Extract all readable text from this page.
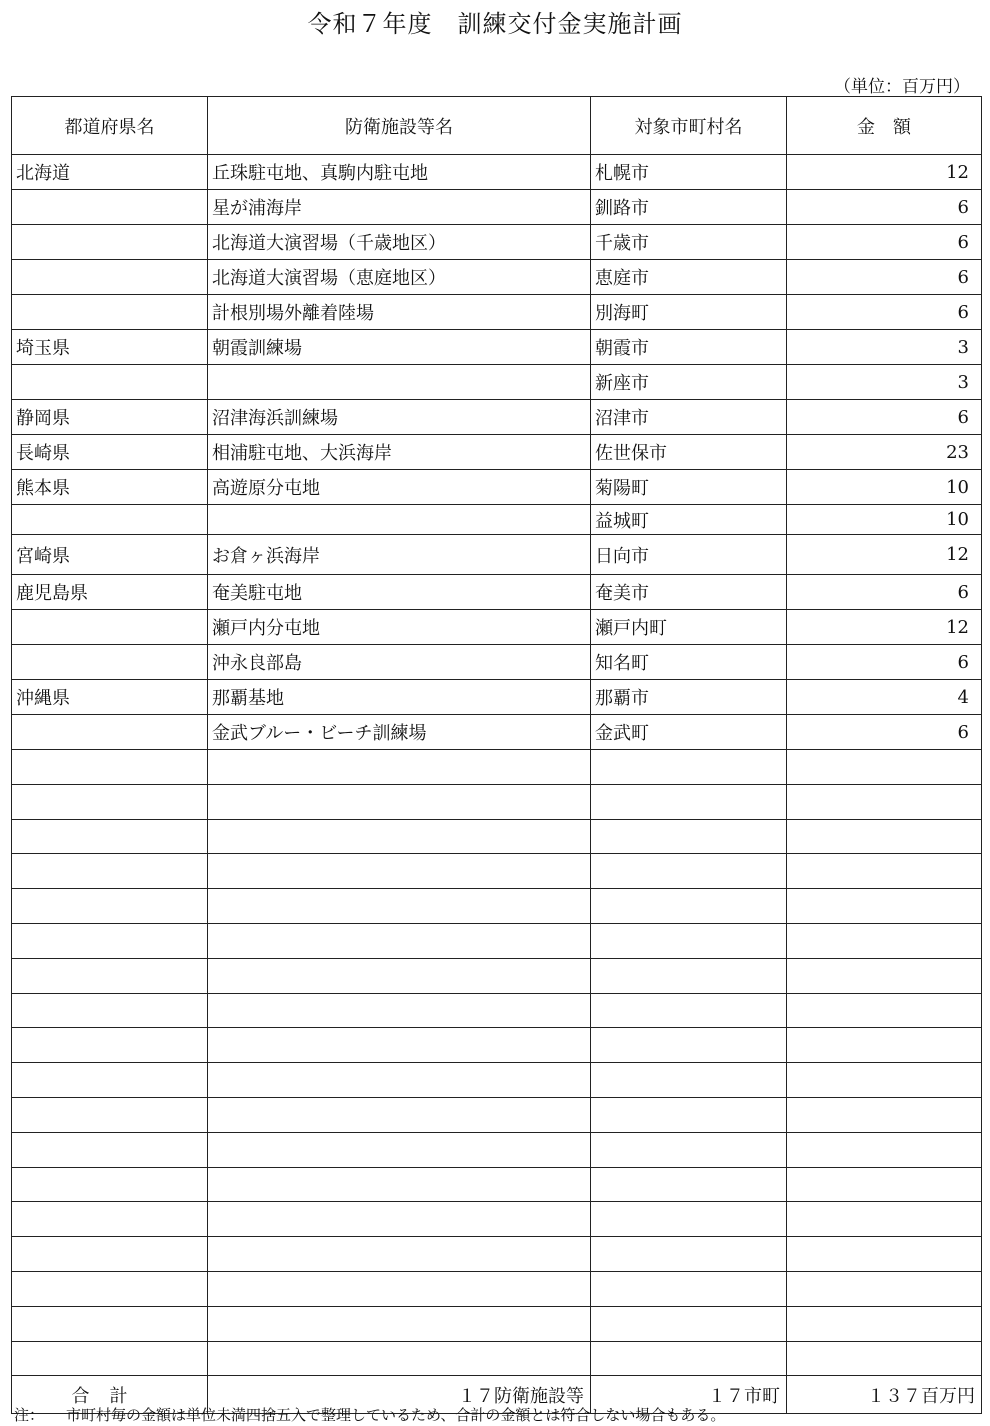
令和７年度　訓練交付金実施計画
（単位：百万円）
都道府県名	防衛施設等名	対象市町村名	金　額
北海道	丘珠駐屯地、真駒内駐屯地	札幌市	12
	星が浦海岸	釧路市	6
	北海道大演習場（千歳地区）	千歳市	6
	北海道大演習場（恵庭地区）	恵庭市	6
	計根別場外離着陸場	別海町	6
埼玉県	朝霞訓練場	朝霞市	3
		新座市	3
静岡県	沼津海浜訓練場	沼津市	6
長崎県	相浦駐屯地、大浜海岸	佐世保市	23
熊本県	高遊原分屯地	菊陽町	10
		益城町	10
宮崎県	お倉ヶ浜海岸	日向市	12
鹿児島県	奄美駐屯地	奄美市	6
	瀬戸内分屯地	瀬戸内町	12
	沖永良部島	知名町	6
沖縄県	那覇基地	那覇市	4
	金武ブルー・ビーチ訓練場	金武町	6

合計	１７防衛施設等	１７市町	１３７百万円
注： 市町村毎の金額は単位未満四捨五入で整理しているため、合計の金額とは符合しない場合もある。
